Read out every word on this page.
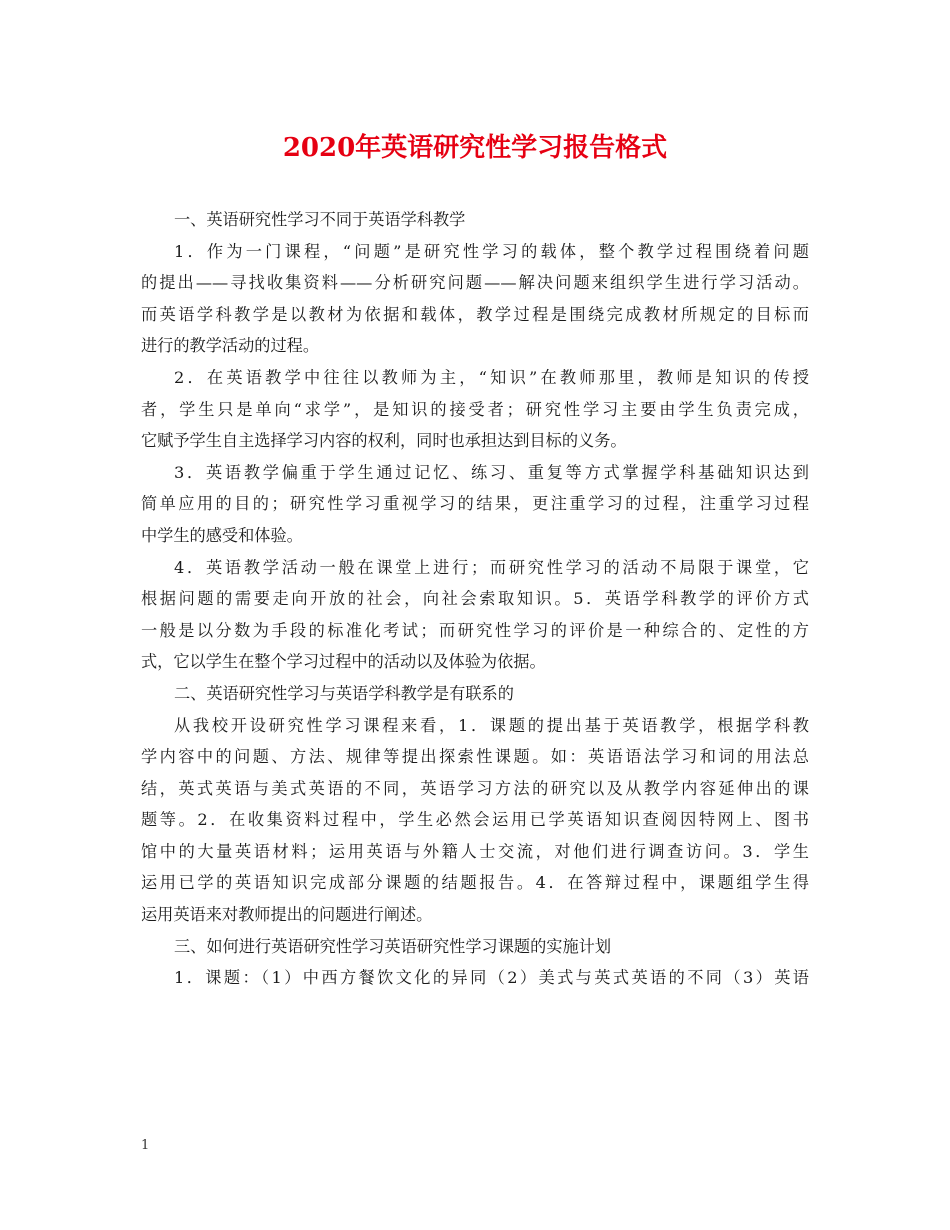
2020年英语研究性学习报告格式
一、英语研究性学习不同于英语学科教学
1．作为一门课程，“问题”是研究性学习的载体，整个教学过程围绕着问题
的提出——寻找收集资料——分析研究问题——解决问题来组织学生进行学习活动。
而英语学科教学是以教材为依据和载体，教学过程是围绕完成教材所规定的目标而
进行的教学活动的过程。
2．在英语教学中往往以教师为主，“知识”在教师那里，教师是知识的传授
者，学生只是单向“求学”，是知识的接受者；研究性学习主要由学生负责完成，
它赋予学生自主选择学习内容的权利，同时也承担达到目标的义务。
3．英语教学偏重于学生通过记忆、练习、重复等方式掌握学科基础知识达到
简单应用的目的；研究性学习重视学习的结果，更注重学习的过程，注重学习过程
中学生的感受和体验。
4．英语教学活动一般在课堂上进行；而研究性学习的活动不局限于课堂，它
根据问题的需要走向开放的社会，向社会索取知识。5．英语学科教学的评价方式
一般是以分数为手段的标准化考试；而研究性学习的评价是一种综合的、定性的方
式，它以学生在整个学习过程中的活动以及体验为依据。
二、英语研究性学习与英语学科教学是有联系的
从我校开设研究性学习课程来看，1．课题的提出基于英语教学，根据学科教
学内容中的问题、方法、规律等提出探索性课题。如：英语语法学习和词的用法总
结，英式英语与美式英语的不同，英语学习方法的研究以及从教学内容延伸出的课
题等。2．在收集资料过程中，学生必然会运用已学英语知识查阅因特网上、图书
馆中的大量英语材料；运用英语与外籍人士交流，对他们进行调查访问。3．学生
运用已学的英语知识完成部分课题的结题报告。4．在答辩过程中，课题组学生得
运用英语来对教师提出的问题进行阐述。
三、如何进行英语研究性学习英语研究性学习课题的实施计划
1．课题：（1）中西方餐饮文化的异同（2）美式与英式英语的不同（3）英语
1
